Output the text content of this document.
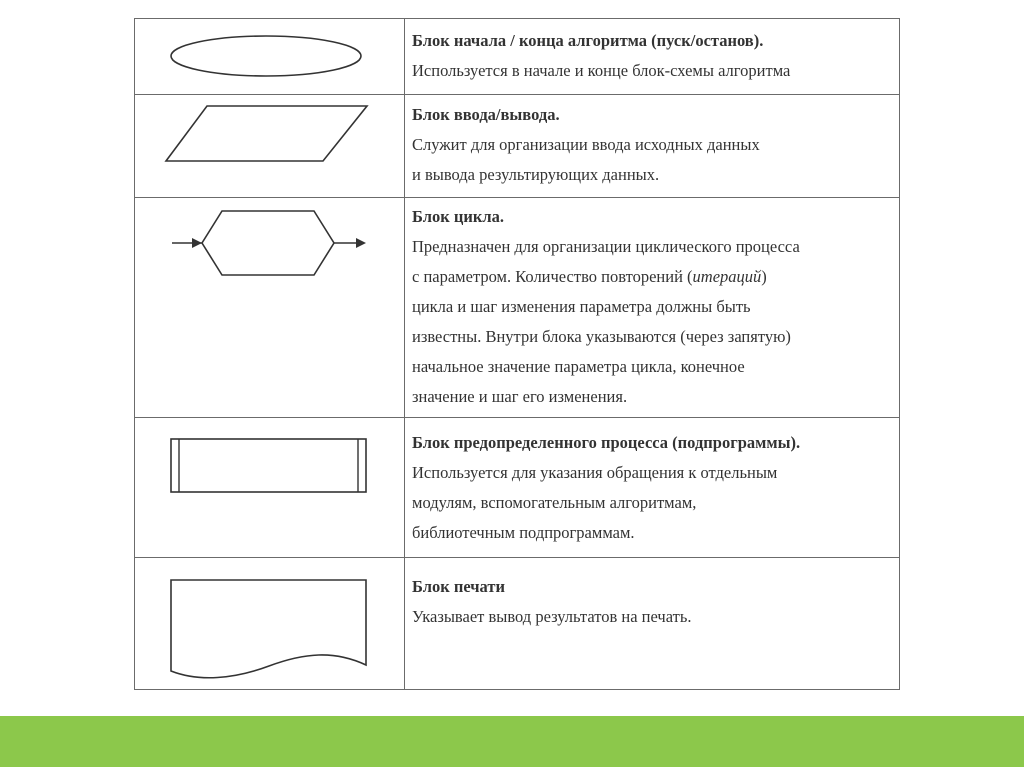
Блок начала / конца алгоритма (пуск/останов).
Используется в начале и конце блок-схемы алгоритма
Блок ввода/вывода.
Служит для организации ввода исходных данных
и вывода результирующих данных.
Блок цикла.
Предназначен для организации циклического процесса
с параметром. Количество повторений (итераций)
цикла и шаг изменения параметра должны быть
известны. Внутри блока указываются (через запятую)
начальное значение параметра цикла, конечное
значение и шаг его изменения.
Блок предопределенного процесса (подпрограммы).
Используется для указания обращения к отдельным
модулям, вспомогательным алгоритмам,
библиотечным подпрограммам.
Блок печати
Указывает вывод результатов на печать.
